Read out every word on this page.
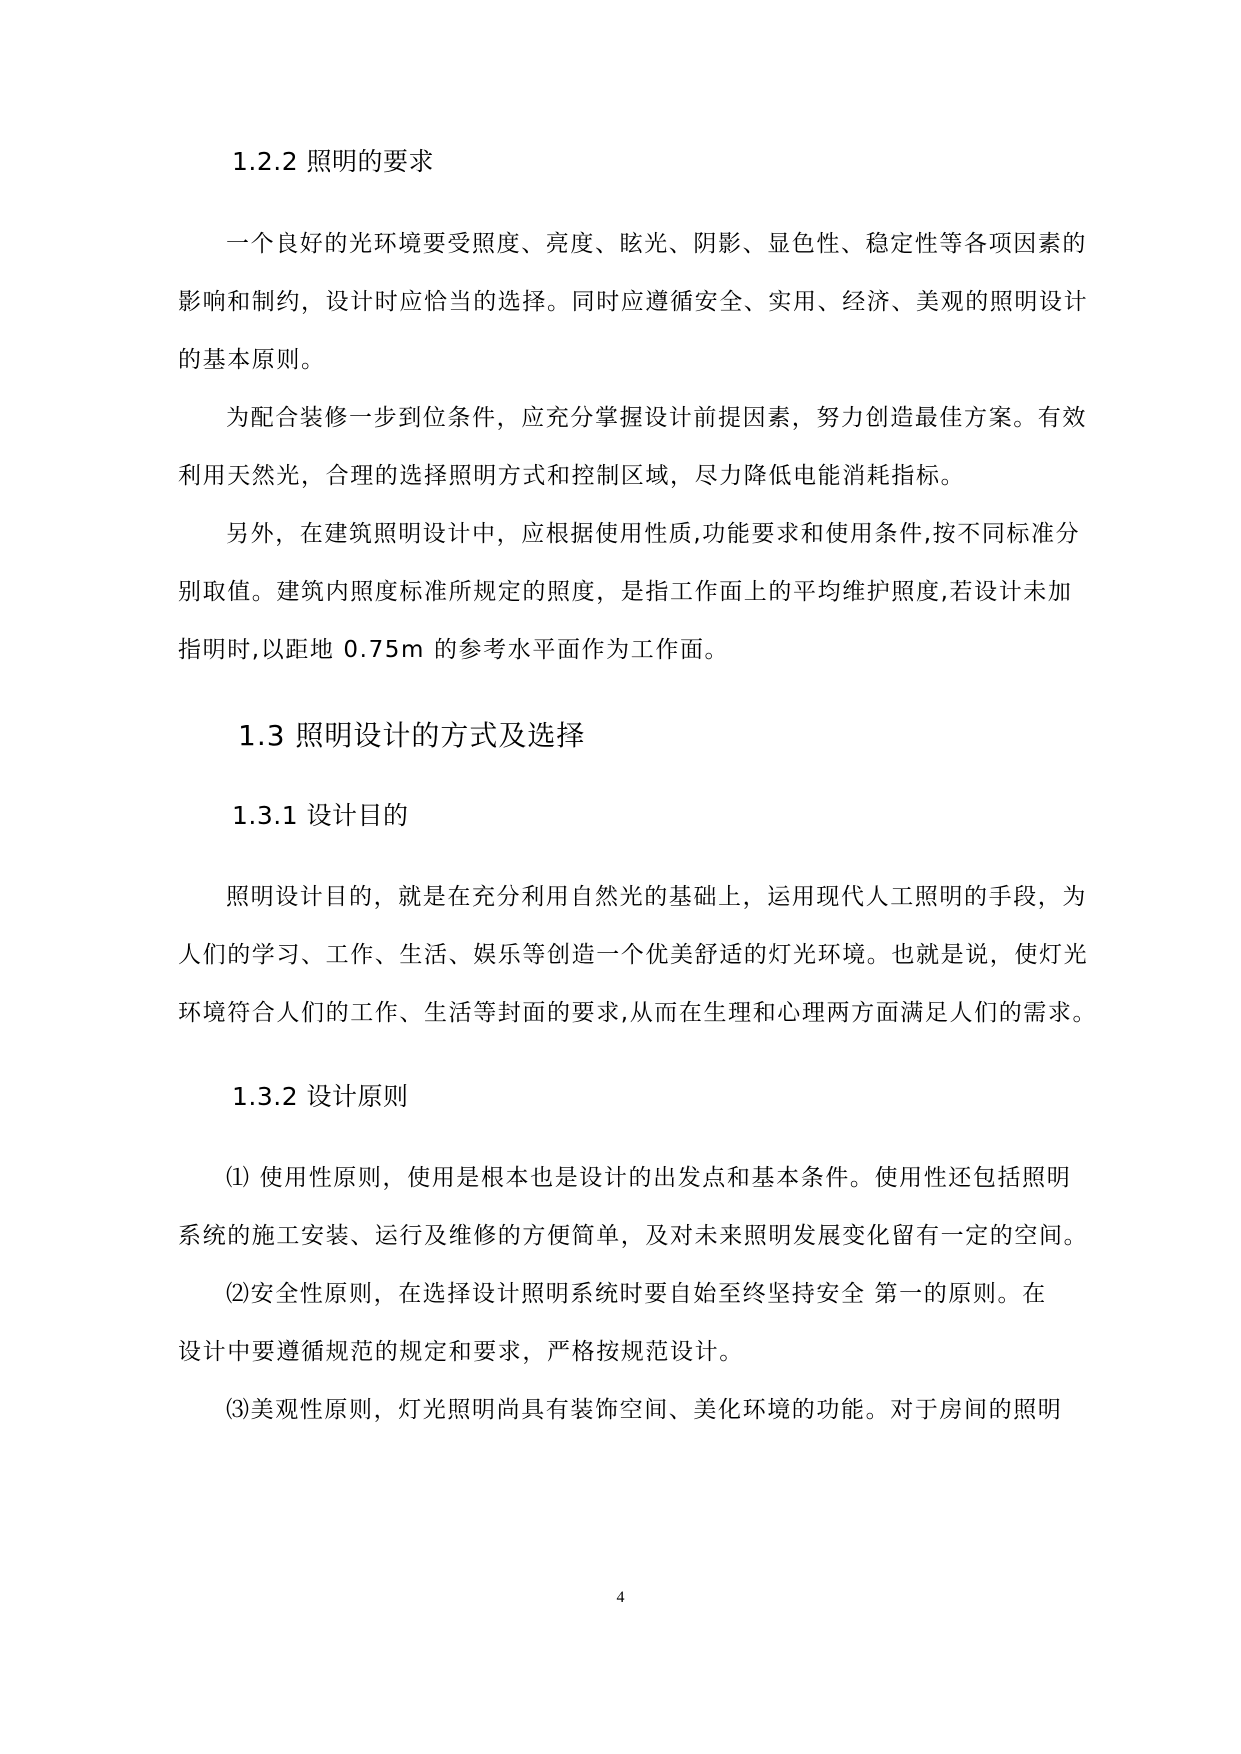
1.2.2 照明的要求
一个良好的光环境要受照度、亮度、眩光、阴影、显色性、稳定性等各项因素的
影响和制约，设计时应恰当的选择。同时应遵循安全、实用、经济、美观的照明设计
的基本原则。
为配合装修一步到位条件，应充分掌握设计前提因素，努力创造最佳方案。有效
利用天然光，合理的选择照明方式和控制区域，尽力降低电能消耗指标。
另外，在建筑照明设计中，应根据使用性质,功能要求和使用条件,按不同标准分
别取值。建筑内照度标准所规定的照度，是指工作面上的平均维护照度,若设计未加
指明时,以距地 0.75m 的参考水平面作为工作面。
1.3 照明设计的方式及选择
1.3.1 设计目的
照明设计目的，就是在充分利用自然光的基础上，运用现代人工照明的手段，为
人们的学习、工作、生活、娱乐等创造一个优美舒适的灯光环境。也就是说，使灯光
环境符合人们的工作、生活等封面的要求,从而在生理和心理两方面满足人们的需求。
1.3.2 设计原则
⑴ 使用性原则，使用是根本也是设计的出发点和基本条件。使用性还包括照明
系统的施工安装、运行及维修的方便简单，及对未来照明发展变化留有一定的空间。
⑵安全性原则，在选择设计照明系统时要自始至终坚持安全 第一的原则。在
设计中要遵循规范的规定和要求，严格按规范设计。
⑶美观性原则，灯光照明尚具有装饰空间、美化环境的功能。对于房间的照明
4
